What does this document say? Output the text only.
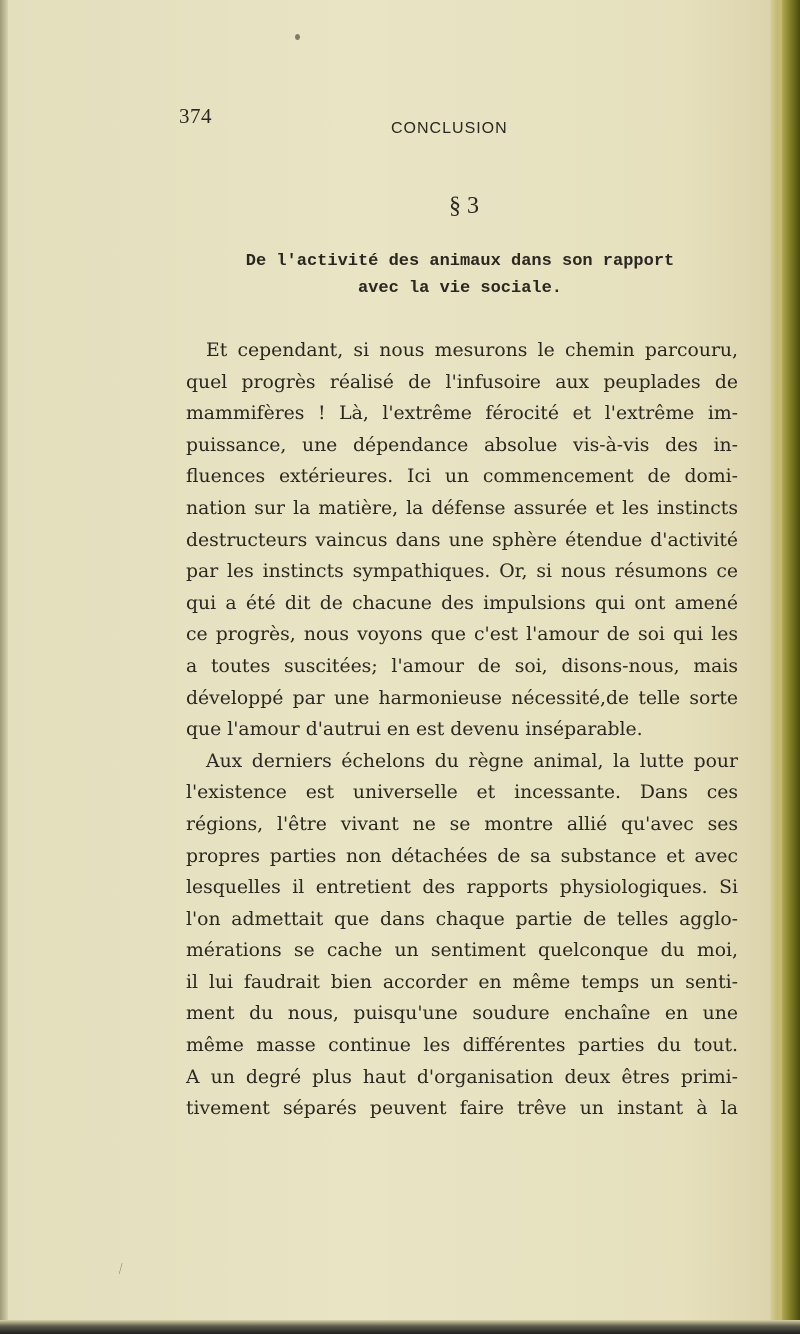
374
CONCLUSION
§ 3
De l'activité des animaux dans son rapport
avec la vie sociale.
Et cependant, si nous mesurons le chemin parcouru,
quel progrès réalisé de l'infusoire aux peuplades de
mammifères ! Là, l'extrême férocité et l'extrême im-
puissance, une dépendance absolue vis-à-vis des in-
fluences extérieures. Ici un commencement de domi-
nation sur la matière, la défense assurée et les instincts
destructeurs vaincus dans une sphère étendue d'activité
par les instincts sympathiques. Or, si nous résumons ce
qui a été dit de chacune des impulsions qui ont amené
ce progrès, nous voyons que c'est l'amour de soi qui les
a toutes suscitées; l'amour de soi, disons-nous, mais
développé par une harmonieuse nécessité,de telle sorte
que l'amour d'autrui en est devenu inséparable.
Aux derniers échelons du règne animal, la lutte pour
l'existence est universelle et incessante. Dans ces
régions, l'être vivant ne se montre allié qu'avec ses
propres parties non détachées de sa substance et avec
lesquelles il entretient des rapports physiologiques. Si
l'on admettait que dans chaque partie de telles agglo-
mérations se cache un sentiment quelconque du moi,
il lui faudrait bien accorder en même temps un senti-
ment du nous, puisqu'une soudure enchaîne en une
même masse continue les différentes parties du tout.
A un degré plus haut d'organisation deux êtres primi-
tivement séparés peuvent faire trêve un instant à la
⁄
